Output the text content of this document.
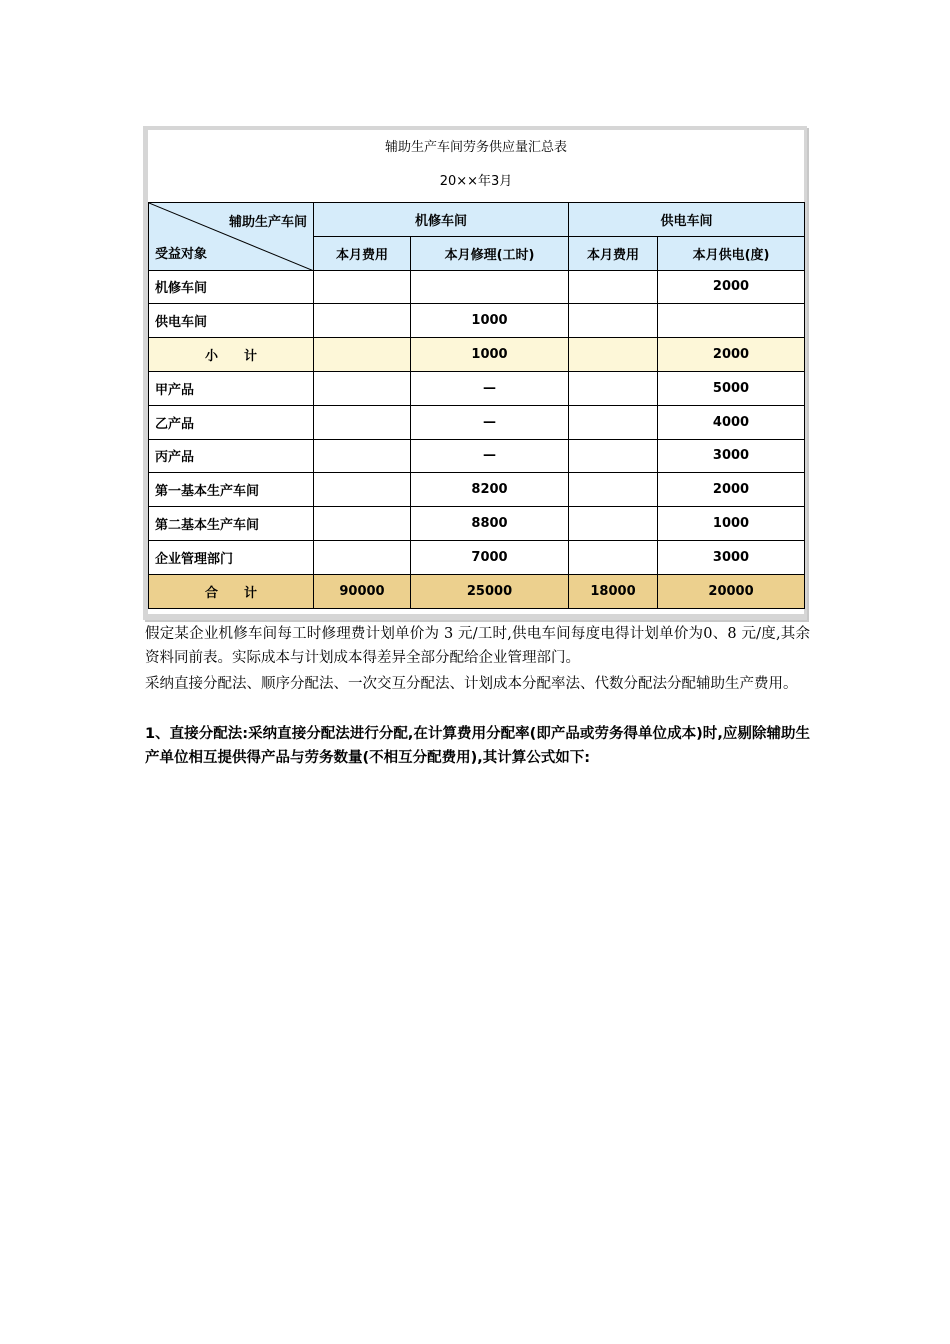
辅助生产车间劳务供应量汇总表
20××年3月
辅助生产车间
受益对象	机修车间		供电车间	
	本月费用	本月修理(工时)	本月费用	本月供电(度)
机修车间				2000
供电车间		1000		
小　　计		1000		2000
甲产品		—		5000
乙产品		—		4000
丙产品		—		3000
第一基本生产车间		8200		2000
第二基本生产车间		8800		1000
企业管理部门		7000		3000
合　　计	90000	25000	18000	20000
假定某企业机修车间每工时修理费计划单价为 3 元/工时,供电车间每度电得计划单价为0、8 元/度,其余资料同前表。实际成本与计划成本得差异全部分配给企业管理部门。
采纳直接分配法、顺序分配法、一次交互分配法、计划成本分配率法、代数分配法分配辅助生产费用。
1、直接分配法:采纳直接分配法进行分配,在计算费用分配率(即产品或劳务得单位成本)时,应剔除辅助生产单位相互提供得产品与劳务数量(不相互分配费用),其计算公式如下:
